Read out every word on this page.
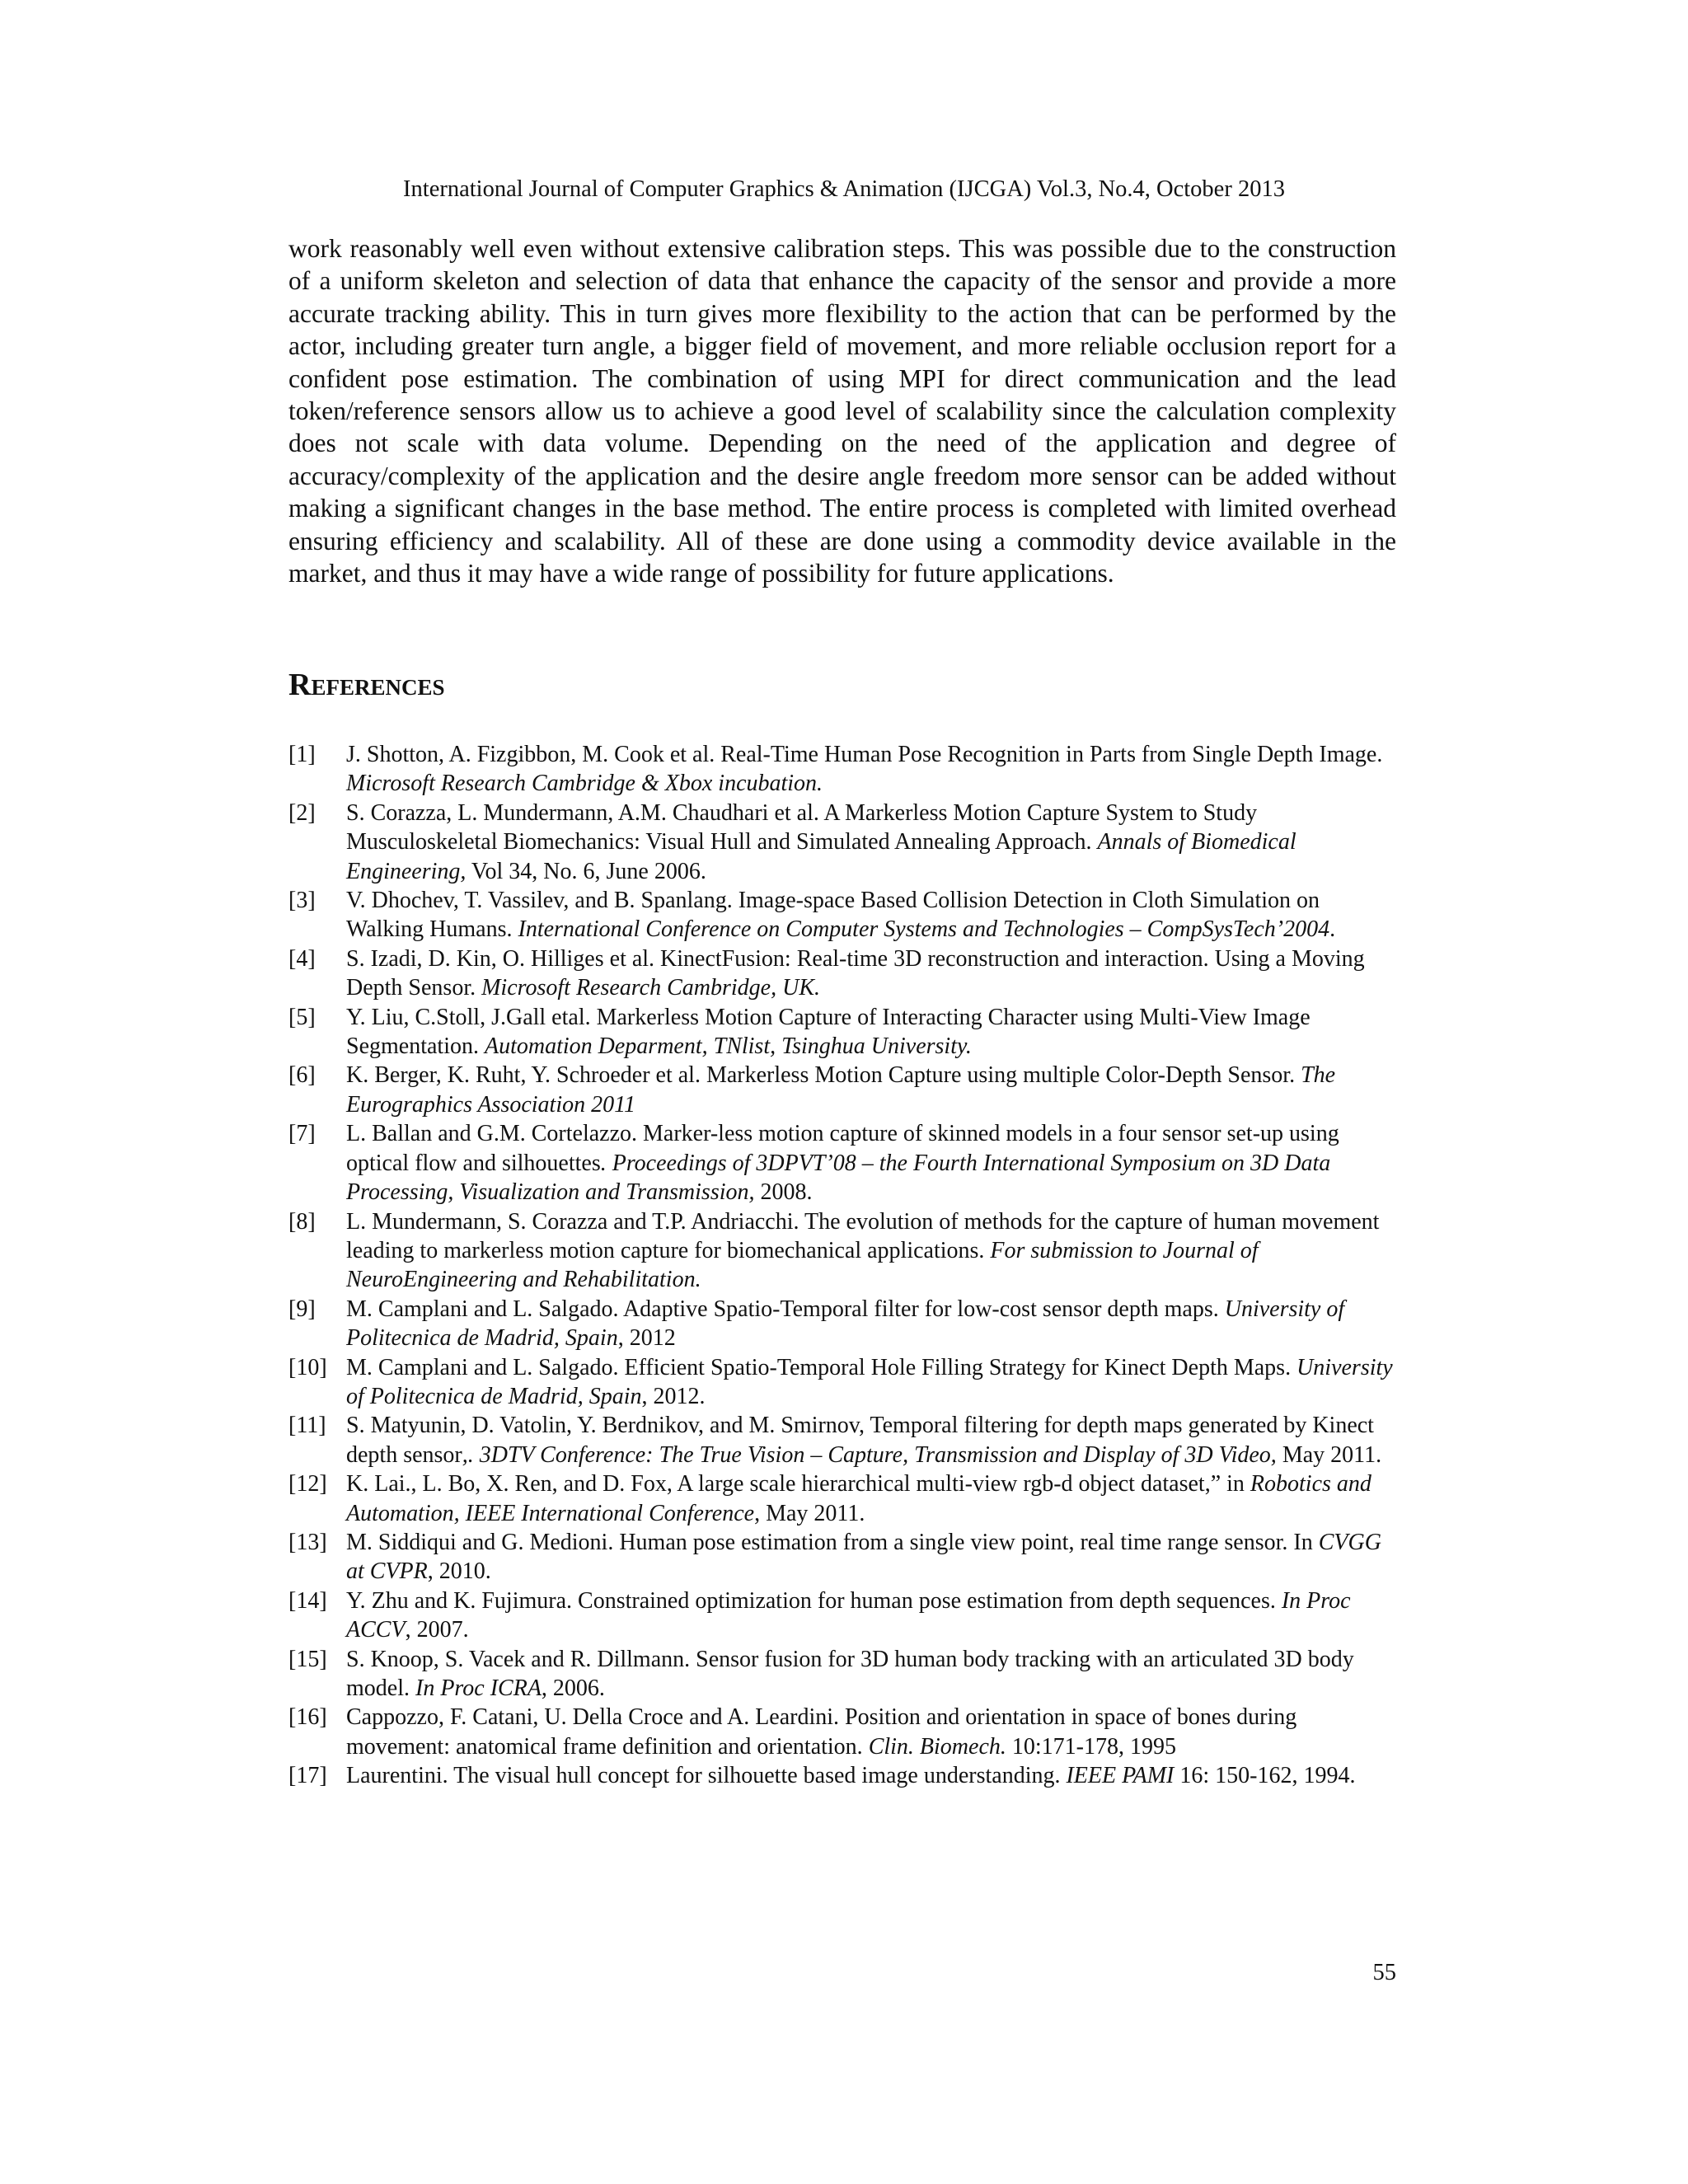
International Journal of Computer Graphics & Animation (IJCGA) Vol.3, No.4, October 2013

work reasonably well even without extensive calibration steps. This was possible due to the construction of a uniform skeleton and selection of data that enhance the capacity of the sensor and provide a more accurate tracking ability. This in turn gives more flexibility to the action that can be performed by the actor, including greater turn angle, a bigger field of movement, and more reliable occlusion report for a confident pose estimation. The combination of using MPI for direct communication and the lead token/reference sensors allow us to achieve a good level of scalability since the calculation complexity does not scale with data volume. Depending on the need of the application and degree of accuracy/complexity of the application and the desire angle freedom more sensor can be added without making a significant changes in the base method. The entire process is completed with limited overhead ensuring efficiency and scalability. All of these are done using a commodity device available in the market, and thus it may have a wide range of possibility for future applications.

References
[1] J. Shotton, A. Fizgibbon, M. Cook et al. Real-Time Human Pose Recognition in Parts from Single Depth Image. Microsoft Research Cambridge & Xbox incubation.
[2] S. Corazza, L. Mundermann, A.M. Chaudhari et al. A Markerless Motion Capture System to Study Musculoskeletal Biomechanics: Visual Hull and Simulated Annealing Approach. Annals of Biomedical Engineering, Vol 34, No. 6, June 2006.
[3] V. Dhochev, T. Vassilev, and B. Spanlang. Image-space Based Collision Detection in Cloth Simulation on Walking Humans. International Conference on Computer Systems and Technologies – CompSysTech’2004.
[4] S. Izadi, D. Kin, O. Hilliges et al. KinectFusion: Real-time 3D reconstruction and interaction. Using a Moving Depth Sensor. Microsoft Research Cambridge, UK.
[5] Y. Liu, C.Stoll, J.Gall etal. Markerless Motion Capture of Interacting Character using Multi-View Image Segmentation. Automation Deparment, TNlist, Tsinghua University.
[6] K. Berger, K. Ruht, Y. Schroeder et al. Markerless Motion Capture using multiple Color-Depth Sensor. The Eurographics Association 2011
[7] L. Ballan and G.M. Cortelazzo. Marker-less motion capture of skinned models in a four sensor set-up using optical flow and silhouettes. Proceedings of 3DPVT’08 – the Fourth International Symposium on 3D Data Processing, Visualization and Transmission, 2008.
[8] L. Mundermann, S. Corazza and T.P. Andriacchi. The evolution of methods for the capture of human movement leading to markerless motion capture for biomechanical applications. For submission to Journal of NeuroEngineering and Rehabilitation.
[9] M. Camplani and L. Salgado. Adaptive Spatio-Temporal filter for low-cost sensor depth maps. University of Politecnica de Madrid, Spain, 2012
[10] M. Camplani and L. Salgado. Efficient Spatio-Temporal Hole Filling Strategy for Kinect Depth Maps. University of Politecnica de Madrid, Spain, 2012.
[11] S. Matyunin, D. Vatolin, Y. Berdnikov, and M. Smirnov, Temporal filtering for depth maps generated by Kinect depth sensor,. 3DTV Conference: The True Vision – Capture, Transmission and Display of 3D Video, May 2011.
[12] K. Lai., L. Bo, X. Ren, and D. Fox, A large scale hierarchical multi-view rgb-d object dataset,” in Robotics and Automation, IEEE International Conference, May 2011.
[13] M. Siddiqui and G. Medioni. Human pose estimation from a single view point, real time range sensor. In CVGG at CVPR, 2010.
[14] Y. Zhu and K. Fujimura. Constrained optimization for human pose estimation from depth sequences. In Proc ACCV, 2007.
[15] S. Knoop, S. Vacek and R. Dillmann. Sensor fusion for 3D human body tracking with an articulated 3D body model. In Proc ICRA, 2006.
[16] Cappozzo, F. Catani, U. Della Croce and A. Leardini. Position and orientation in space of bones during movement: anatomical frame definition and orientation. Clin. Biomech. 10:171-178, 1995
[17] Laurentini. The visual hull concept for silhouette based image understanding. IEEE PAMI 16: 150-162, 1994.
55
